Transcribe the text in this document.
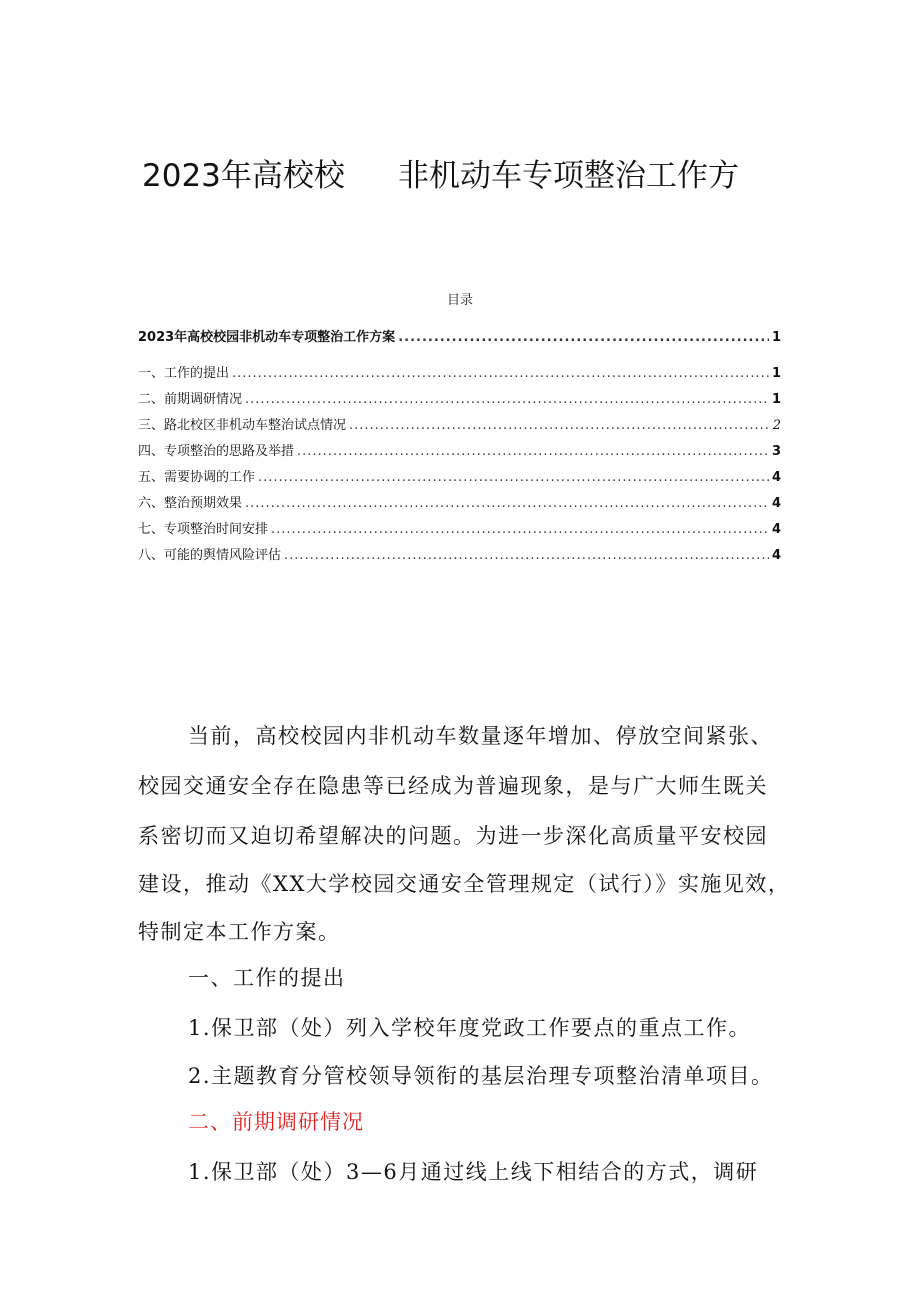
2023年高校校 非机动车专项整治工作方
目录
2023年高校校园非机动车专项整治工作方案 .....	1
一、工作的提出 .....	1
二、前期调研情况 .....	1
三、路北校区非机动车整治试点情况 .....	2
四、专项整治的思路及举措 .....	3
五、需要协调的工作 .....	4
六、整治预期效果 .....	4
七、专项整治时间安排 .....	4
八、可能的舆情风险评估 .....	4
当前，高校校园内非机动车数量逐年增加、停放空间紧张、
校园交通安全存在隐患等已经成为普遍现象，是与广大师生既关
系密切而又迫切希望解决的问题。为进一步深化高质量平安校园
建设，推动《XX大学校园交通安全管理规定（试行）》实施见效，
特制定本工作方案。
一、工作的提出
1.保卫部（处）列入学校年度党政工作要点的重点工作。
2.主题教育分管校领导领衔的基层治理专项整治清单项目。
二、前期调研情况
1.保卫部（处）3—6月通过线上线下相结合的方式，调研
